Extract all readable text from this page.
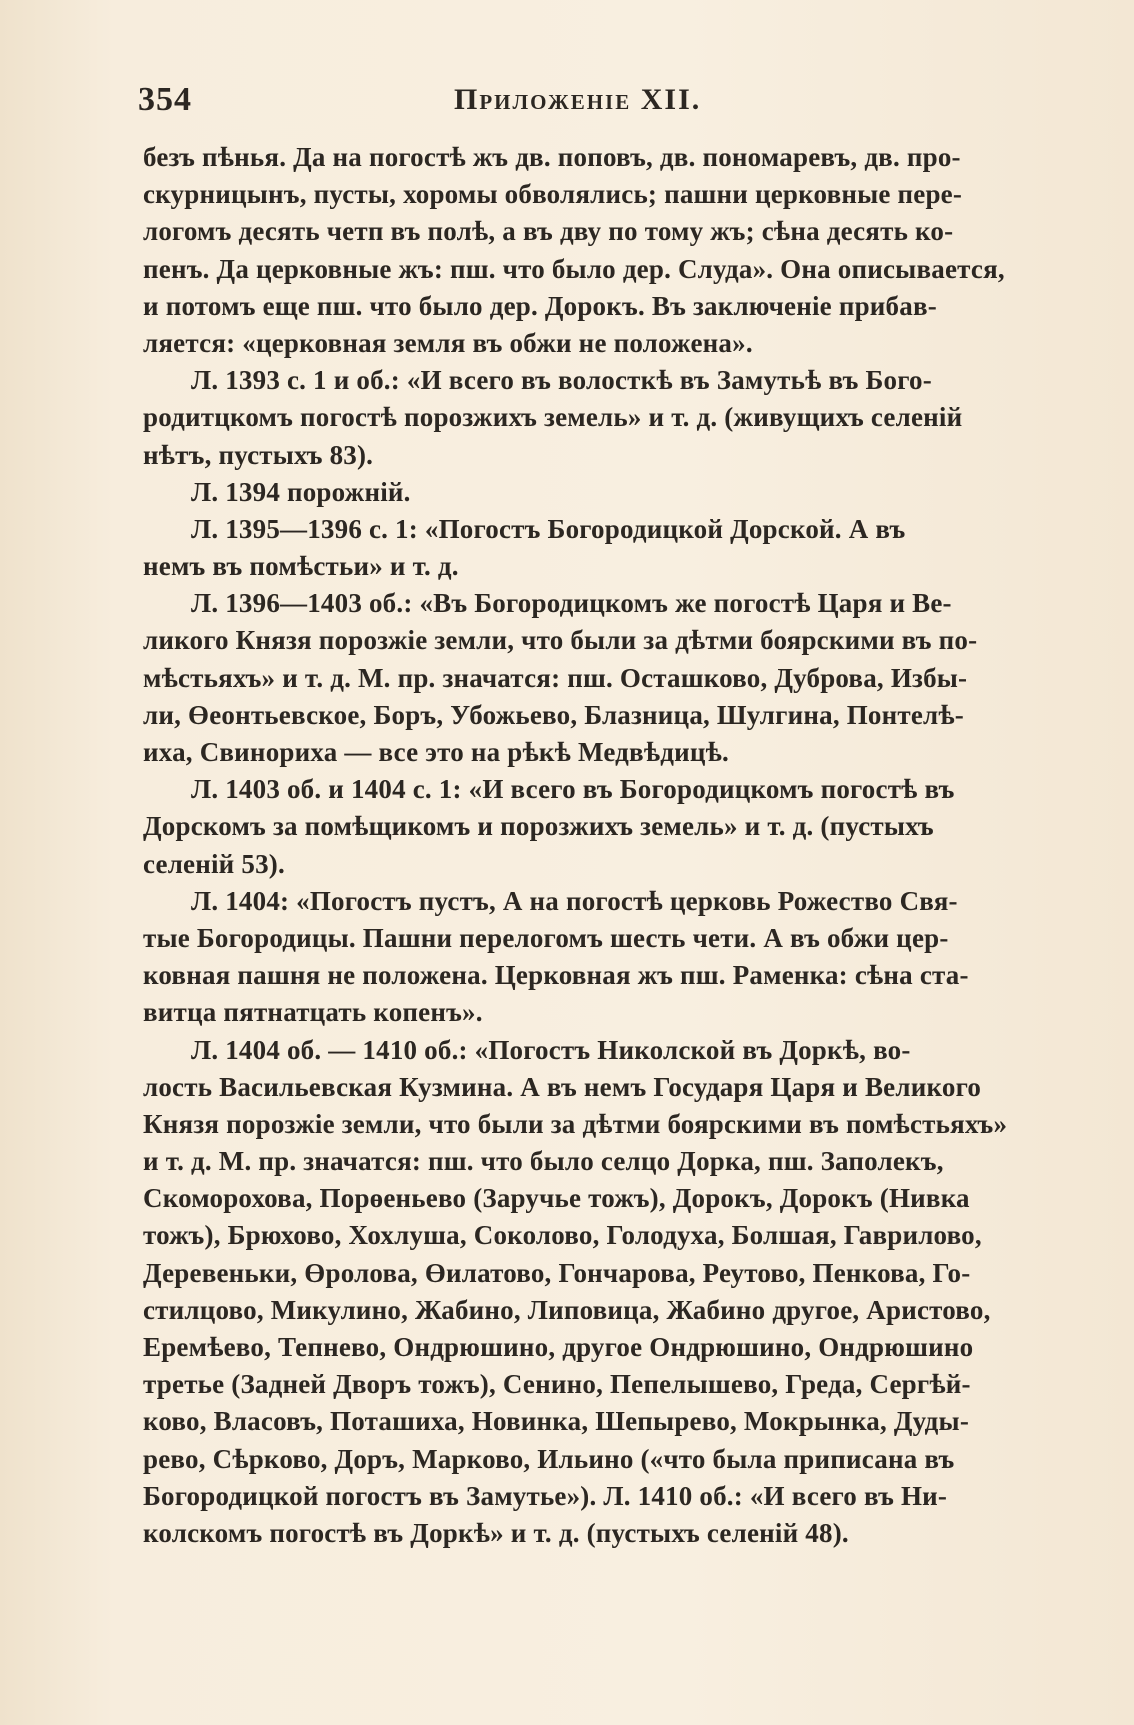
354	Приложенiе XII.
безъ пѣнья. Да на погостѣ жъ дв. поповъ, дв. пономаревъ, дв. про-
скурницынъ, пусты, хоромы обволялись; пашни церковные пере-
логомъ десять четп въ полѣ, а въ дву по тому жъ; сѣна десять ко-
пенъ. Да церковные жъ: пш. что было дер. Слуда». Она описывается,
и потомъ еще пш. что было дер. Дорокъ. Въ заключенiе прибав-
ляется: «церковная земля въ обжи не положена».
Л. 1393 с. 1 и об.: «И всего въ волосткѣ въ Замутьѣ въ Бого-
родитцкомъ погостѣ порозжихъ земель» и т. д. (живущихъ селенiй
нѣтъ, пустыхъ 83).
Л. 1394 порожнiй.
Л. 1395—1396 с. 1: «Погостъ Богородицкой Дорской. А въ
немъ въ помѣстьи» и т. д.
Л. 1396—1403 об.: «Въ Богородицкомъ же погостѣ Царя и Ве-
ликого Князя порозжiе земли, что были за дѣтми боярскими въ по-
мѣстьяхъ» и т. д. М. пр. значатся: пш. Осташково, Дуброва, Избы-
ли, Өеонтьевское, Боръ, Убожьево, Блазница, Шулгина, Понтелѣ-
иха, Свинориха — все это на рѣкѣ Медвѣдицѣ.
Л. 1403 об. и 1404 с. 1: «И всего въ Богородицкомъ погостѣ въ
Дорскомъ за помѣщикомъ и порозжихъ земель» и т. д. (пустыхъ
селенiй 53).
Л. 1404: «Погостъ пустъ, А на погостѣ церковь Рожество Свя-
тые Богородицы. Пашни перелогомъ шесть чети. А въ обжи цер-
ковная пашня не положена. Церковная жъ пш. Раменка: сѣна ста-
витца пятнатцать копенъ».
Л. 1404 об. — 1410 об.: «Погостъ Николской въ Доркѣ, во-
лость Васильевская Кузмина. А въ немъ Государя Царя и Великого
Князя порозжiе земли, что были за дѣтми боярскими въ помѣстьяхъ»
и т. д. М. пр. значатся: пш. что было селцо Дорка, пш. Заполекъ,
Скоморохова, Порөеньево (Заручье тожъ), Дорокъ, Дорокъ (Нивка
тожъ), Брюхово, Хохлуша, Соколово, Голодуха, Болшая, Гаврилово,
Деревеньки, Өролова, Өилатово, Гончарова, Реутово, Пенкова, Го-
стилцово, Микулино, Жабино, Липовица, Жабино другое, Аристово,
Еремѣево, Тепнево, Ондрюшино, другое Ондрюшино, Ондрюшино
третье (Задней Дворъ тожъ), Сенино, Пепелышево, Греда, Сергѣй-
ково, Власовъ, Поташиха, Новинка, Шепырево, Мокрынка, Дуды-
рево, Сѣрково, Доръ, Марково, Ильино («что была приписана въ
Богородицкой погостъ въ Замутье»). Л. 1410 об.: «И всего въ Ни-
колскомъ погостѣ въ Доркѣ» и т. д. (пустыхъ селенiй 48).
